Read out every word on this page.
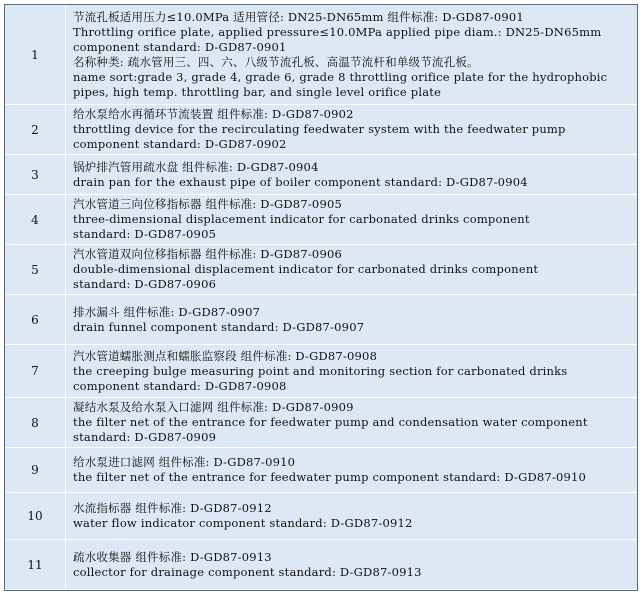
1
节流孔板适用压力≤10.0MPa 适用管径: DN25-DN65mm 组件标准: D-GD87-0901
Throttling orifice plate, applied pressure≤10.0MPa applied pipe diam.: DN25-DN65mm
component standard: D-GD87-0901
名称种类: 疏水管用三、四、六、八级节流孔板、高温节流杆和单级节流孔板。
name sort:grade 3, grade 4, grade 6, grade 8 throttling orifice plate for the hydrophobic
pipes, high temp. throttling bar, and single level orifice plate
2
给水泵给水再循环节流装置 组件标准: D-GD87-0902
throttling device for the recirculating feedwater system with the feedwater pump
component standard: D-GD87-0902
3
锅炉排汽管用疏水盘 组件标准: D-GD87-0904
drain pan for the exhaust pipe of boiler component standard: D-GD87-0904
4
汽水管道三向位移指标器 组件标准: D-GD87-0905
three-dimensional displacement indicator for carbonated drinks component
standard: D-GD87-0905
5
汽水管道双向位移指标器 组件标准: D-GD87-0906
double-dimensional displacement indicator for carbonated drinks component
standard: D-GD87-0906
6
排水漏斗 组件标准: D-GD87-0907
drain funnel component standard: D-GD87-0907
7
汽水管道蠕胀测点和蠕胀监察段 组件标准: D-GD87-0908
the creeping bulge measuring point and monitoring section for carbonated drinks
component standard: D-GD87-0908
8
凝结水泵及给水泵入口滤网 组件标准: D-GD87-0909
the filter net of the entrance for feedwater pump and condensation water component
standard: D-GD87-0909
9
给水泵进口滤网 组件标准: D-GD87-0910
the filter net of the entrance for feedwater pump component standard: D-GD87-0910
10
水流指标器 组件标准: D-GD87-0912
water flow indicator component standard: D-GD87-0912
11
疏水收集器 组件标准: D-GD87-0913
collector for drainage component standard: D-GD87-0913
